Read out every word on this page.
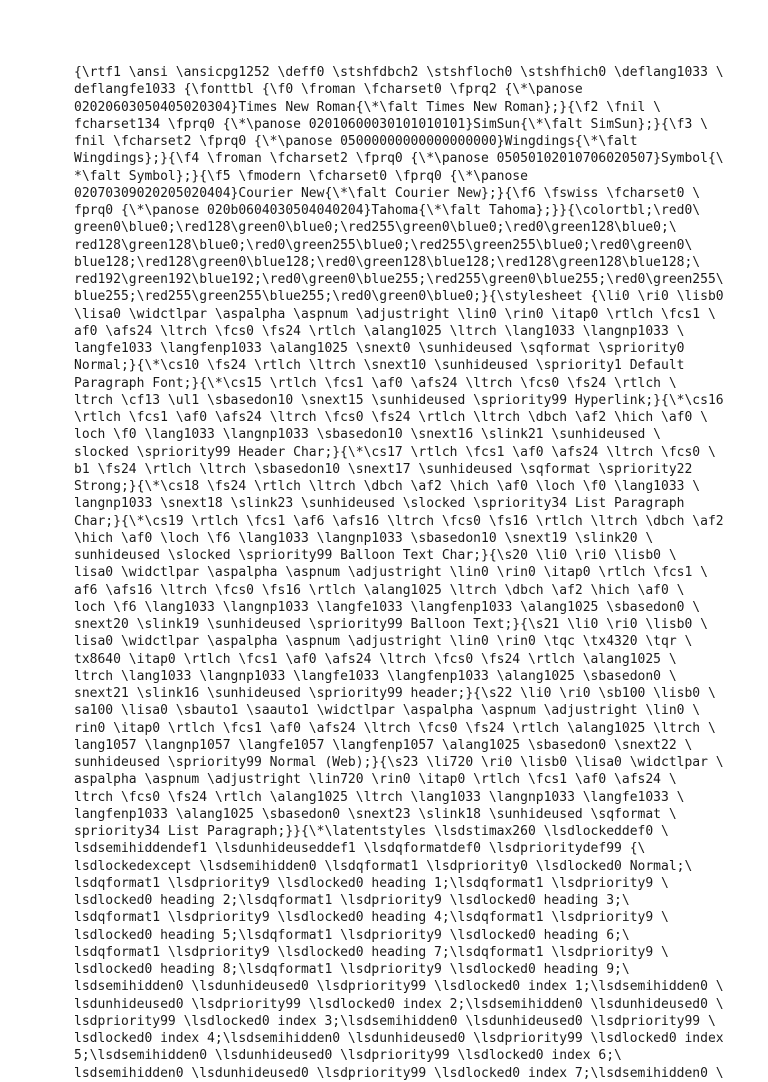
{\rtf1 \ansi \ansicpg1252 \deff0 \stshfdbch2 \stshfloch0 \stshfhich0 \deflang1033 \
deflangfe1033 {\fonttbl {\f0 \froman \fcharset0 \fprq2 {\*\panose
02020603050405020304}Times New Roman{\*\falt Times New Roman};}{\f2 \fnil \
fcharset134 \fprq0 {\*\panose 02010600030101010101}SimSun{\*\falt SimSun};}{\f3 \
fnil \fcharset2 \fprq0 {\*\panose 05000000000000000000}Wingdings{\*\falt
Wingdings};}{\f4 \froman \fcharset2 \fprq0 {\*\panose 05050102010706020507}Symbol{\
*\falt Symbol};}{\f5 \fmodern \fcharset0 \fprq0 {\*\panose
02070309020205020404}Courier New{\*\falt Courier New};}{\f6 \fswiss \fcharset0 \
fprq0 {\*\panose 020b0604030504040204}Tahoma{\*\falt Tahoma};}}{\colortbl;\red0\
green0\blue0;\red128\green0\blue0;\red255\green0\blue0;\red0\green128\blue0;\
red128\green128\blue0;\red0\green255\blue0;\red255\green255\blue0;\red0\green0\
blue128;\red128\green0\blue128;\red0\green128\blue128;\red128\green128\blue128;\
red192\green192\blue192;\red0\green0\blue255;\red255\green0\blue255;\red0\green255\
blue255;\red255\green255\blue255;\red0\green0\blue0;}{\stylesheet {\li0 \ri0 \lisb0
\lisa0 \widctlpar \aspalpha \aspnum \adjustright \lin0 \rin0 \itap0 \rtlch \fcs1 \
af0 \afs24 \ltrch \fcs0 \fs24 \rtlch \alang1025 \ltrch \lang1033 \langnp1033 \
langfe1033 \langfenp1033 \alang1025 \snext0 \sunhideused \sqformat \spriority0
Normal;}{\*\cs10 \fs24 \rtlch \ltrch \snext10 \sunhideused \spriority1 Default
Paragraph Font;}{\*\cs15 \rtlch \fcs1 \af0 \afs24 \ltrch \fcs0 \fs24 \rtlch \
ltrch \cf13 \ul1 \sbasedon10 \snext15 \sunhideused \spriority99 Hyperlink;}{\*\cs16
\rtlch \fcs1 \af0 \afs24 \ltrch \fcs0 \fs24 \rtlch \ltrch \dbch \af2 \hich \af0 \
loch \f0 \lang1033 \langnp1033 \sbasedon10 \snext16 \slink21 \sunhideused \
slocked \spriority99 Header Char;}{\*\cs17 \rtlch \fcs1 \af0 \afs24 \ltrch \fcs0 \
b1 \fs24 \rtlch \ltrch \sbasedon10 \snext17 \sunhideused \sqformat \spriority22
Strong;}{\*\cs18 \fs24 \rtlch \ltrch \dbch \af2 \hich \af0 \loch \f0 \lang1033 \
langnp1033 \snext18 \slink23 \sunhideused \slocked \spriority34 List Paragraph
Char;}{\*\cs19 \rtlch \fcs1 \af6 \afs16 \ltrch \fcs0 \fs16 \rtlch \ltrch \dbch \af2
\hich \af0 \loch \f6 \lang1033 \langnp1033 \sbasedon10 \snext19 \slink20 \
sunhideused \slocked \spriority99 Balloon Text Char;}{\s20 \li0 \ri0 \lisb0 \
lisa0 \widctlpar \aspalpha \aspnum \adjustright \lin0 \rin0 \itap0 \rtlch \fcs1 \
af6 \afs16 \ltrch \fcs0 \fs16 \rtlch \alang1025 \ltrch \dbch \af2 \hich \af0 \
loch \f6 \lang1033 \langnp1033 \langfe1033 \langfenp1033 \alang1025 \sbasedon0 \
snext20 \slink19 \sunhideused \spriority99 Balloon Text;}{\s21 \li0 \ri0 \lisb0 \
lisa0 \widctlpar \aspalpha \aspnum \adjustright \lin0 \rin0 \tqc \tx4320 \tqr \
tx8640 \itap0 \rtlch \fcs1 \af0 \afs24 \ltrch \fcs0 \fs24 \rtlch \alang1025 \
ltrch \lang1033 \langnp1033 \langfe1033 \langfenp1033 \alang1025 \sbasedon0 \
snext21 \slink16 \sunhideused \spriority99 header;}{\s22 \li0 \ri0 \sb100 \lisb0 \
sa100 \lisa0 \sbauto1 \saauto1 \widctlpar \aspalpha \aspnum \adjustright \lin0 \
rin0 \itap0 \rtlch \fcs1 \af0 \afs24 \ltrch \fcs0 \fs24 \rtlch \alang1025 \ltrch \
lang1057 \langnp1057 \langfe1057 \langfenp1057 \alang1025 \sbasedon0 \snext22 \
sunhideused \spriority99 Normal (Web);}{\s23 \li720 \ri0 \lisb0 \lisa0 \widctlpar \
aspalpha \aspnum \adjustright \lin720 \rin0 \itap0 \rtlch \fcs1 \af0 \afs24 \
ltrch \fcs0 \fs24 \rtlch \alang1025 \ltrch \lang1033 \langnp1033 \langfe1033 \
langfenp1033 \alang1025 \sbasedon0 \snext23 \slink18 \sunhideused \sqformat \
spriority34 List Paragraph;}}{\*\latentstyles \lsdstimax260 \lsdlockeddef0 \
lsdsemihiddendef1 \lsdunhideuseddef1 \lsdqformatdef0 \lsdprioritydef99 {\
lsdlockedexcept \lsdsemihidden0 \lsdqformat1 \lsdpriority0 \lsdlocked0 Normal;\
lsdqformat1 \lsdpriority9 \lsdlocked0 heading 1;\lsdqformat1 \lsdpriority9 \
lsdlocked0 heading 2;\lsdqformat1 \lsdpriority9 \lsdlocked0 heading 3;\
lsdqformat1 \lsdpriority9 \lsdlocked0 heading 4;\lsdqformat1 \lsdpriority9 \
lsdlocked0 heading 5;\lsdqformat1 \lsdpriority9 \lsdlocked0 heading 6;\
lsdqformat1 \lsdpriority9 \lsdlocked0 heading 7;\lsdqformat1 \lsdpriority9 \
lsdlocked0 heading 8;\lsdqformat1 \lsdpriority9 \lsdlocked0 heading 9;\
lsdsemihidden0 \lsdunhideused0 \lsdpriority99 \lsdlocked0 index 1;\lsdsemihidden0 \
lsdunhideused0 \lsdpriority99 \lsdlocked0 index 2;\lsdsemihidden0 \lsdunhideused0 \
lsdpriority99 \lsdlocked0 index 3;\lsdsemihidden0 \lsdunhideused0 \lsdpriority99 \
lsdlocked0 index 4;\lsdsemihidden0 \lsdunhideused0 \lsdpriority99 \lsdlocked0 index
5;\lsdsemihidden0 \lsdunhideused0 \lsdpriority99 \lsdlocked0 index 6;\
lsdsemihidden0 \lsdunhideused0 \lsdpriority99 \lsdlocked0 index 7;\lsdsemihidden0 \
